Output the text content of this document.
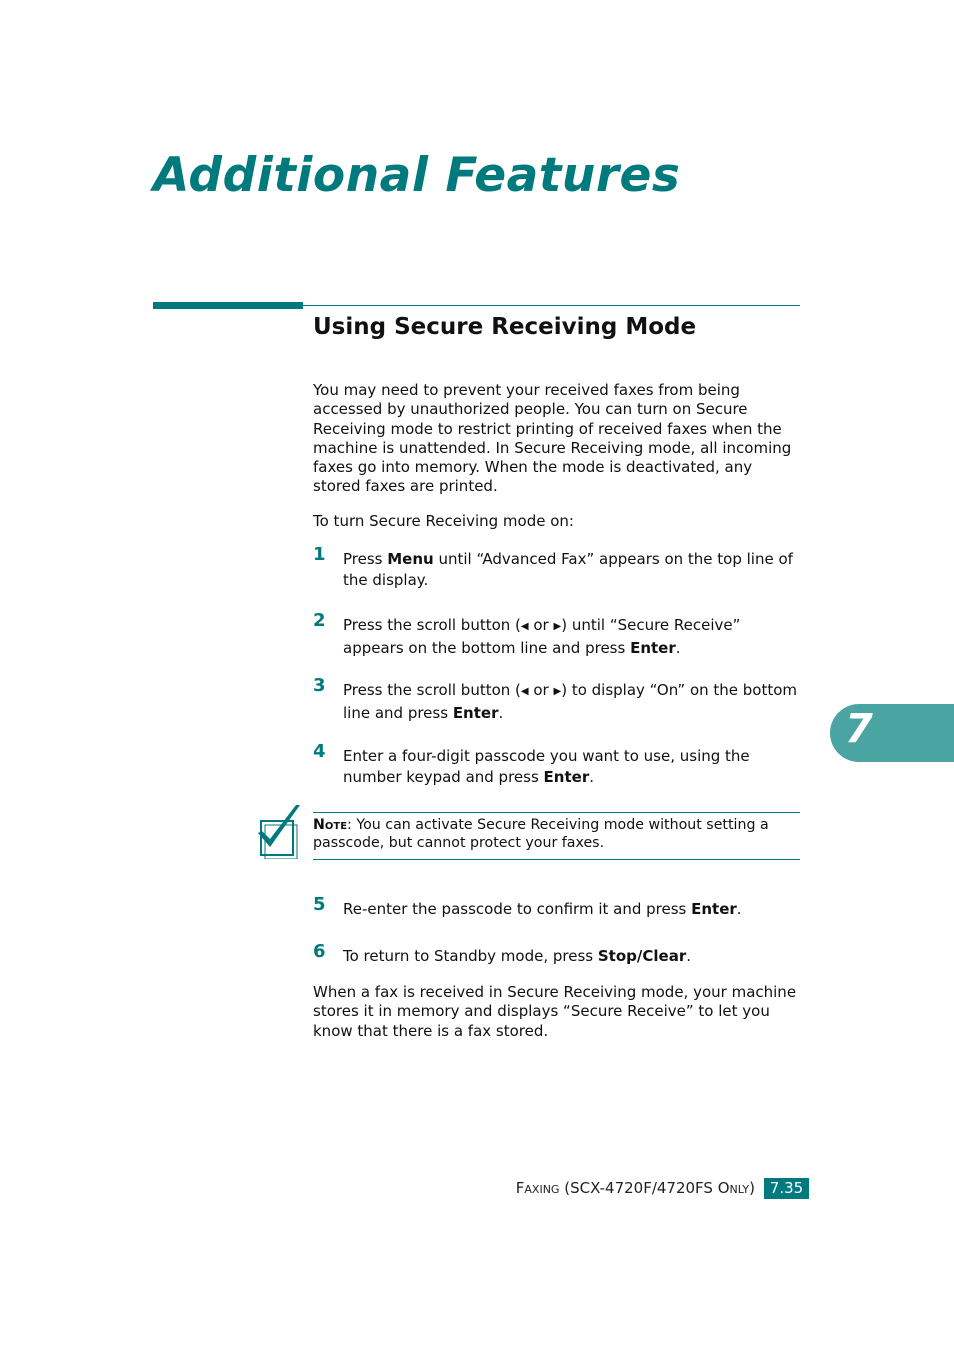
Additional Features
Using Secure Receiving Mode

You may need to prevent your received faxes from being accessed by unauthorized people. You can turn on Secure Receiving mode to restrict printing of received faxes when the machine is unattended. In Secure Receiving mode, all incoming faxes go into memory. When the mode is deactivated, any stored faxes are printed.

To turn Secure Receiving mode on:

1 Press Menu until “Advanced Fax” appears on the top line of the display.
2 Press the scroll button (◀ or ▶) until “Secure Receive” appears on the bottom line and press Enter.
3 Press the scroll button (◀ or ▶) to display “On” on the bottom line and press Enter.
4 Enter a four-digit passcode you want to use, using the number keypad and press Enter.
Note: You can activate Secure Receiving mode without setting a passcode, but cannot protect your faxes.
5 Re-enter the passcode to confirm it and press Enter.
6 To return to Standby mode, press Stop/Clear.

When a fax is received in Secure Receiving mode, your machine stores it in memory and displays “Secure Receive” to let you know that there is a fax stored.

7
Faxing (SCX-4720F/4720FS Only) 7.35
